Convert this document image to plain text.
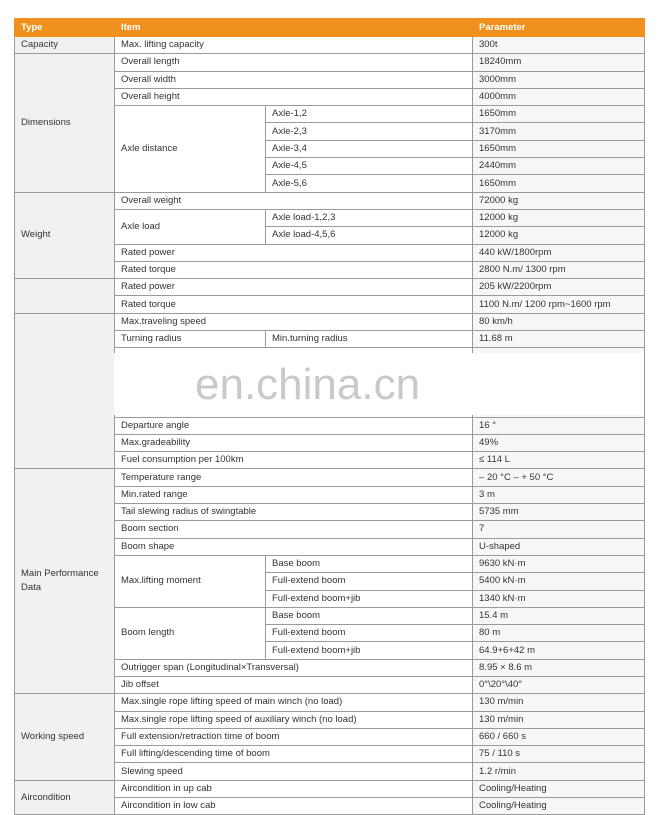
Type	Item		Parameter
Capacity	Max. lifting capacity		300t
Dimensions	Overall length		18240mm
	Overall width		3000mm
	Overall height		4000mm
	Axle distance	Axle-1,2	1650mm
		Axle-2,3	3170mm
		Axle-3,4	1650mm
		Axle-4,5	2440mm
		Axle-5,6	1650mm
Weight	Overall weight		72000 kg
	Axle load	Axle load-1,2,3	12000 kg
		Axle load-4,5,6	12000 kg
	Rated power		440 kW/1800rpm
	Rated torque		2800 N.m/ 1300 rpm
	Rated power		205 kW/2200rpm
	Rated torque		1100 N.m/ 1200 rpm~1600 rpm
	Max.traveling speed		80 km/h
	Turning radius	Min.turning radius	11.68 m

	Departure angle		16 °
	Max.gradeability		49%
	Fuel consumption per 100km		≤ 114 L
Main Performance Data	Temperature range		– 20 °C – + 50 °C
	Min.rated range		3 m
	Tail slewing radius of swingtable		5735 mm
	Boom section		7
	Boom shape		U-shaped
	Max.lifting moment	Base boom	9630 kN·m
		Full-extend boom	5400 kN·m
		Full-extend boom+jib	1340 kN·m
	Boom length	Base boom	15.4 m
		Full-extend boom	80 m
		Full-extend boom+jib	64.9+6+42 m
	Outrigger span (Longitudinal×Transversal)		8.95 × 8.6 m
	Jib offset		0°\20°\40°
Working speed	Max.single rope lifting speed of main winch (no load)		130 m/min
	Max.single rope lifting speed of auxiliary winch (no load)		130 m/min
	Full extension/retraction time of boom		660 / 660 s
	Full lifting/descending time of boom		75 / 110 s
	Slewing speed		1.2 r/min
Aircondition	Aircondition in up cab		Cooling/Heating
	Aircondition in low cab		Cooling/Heating
en.china.cn
